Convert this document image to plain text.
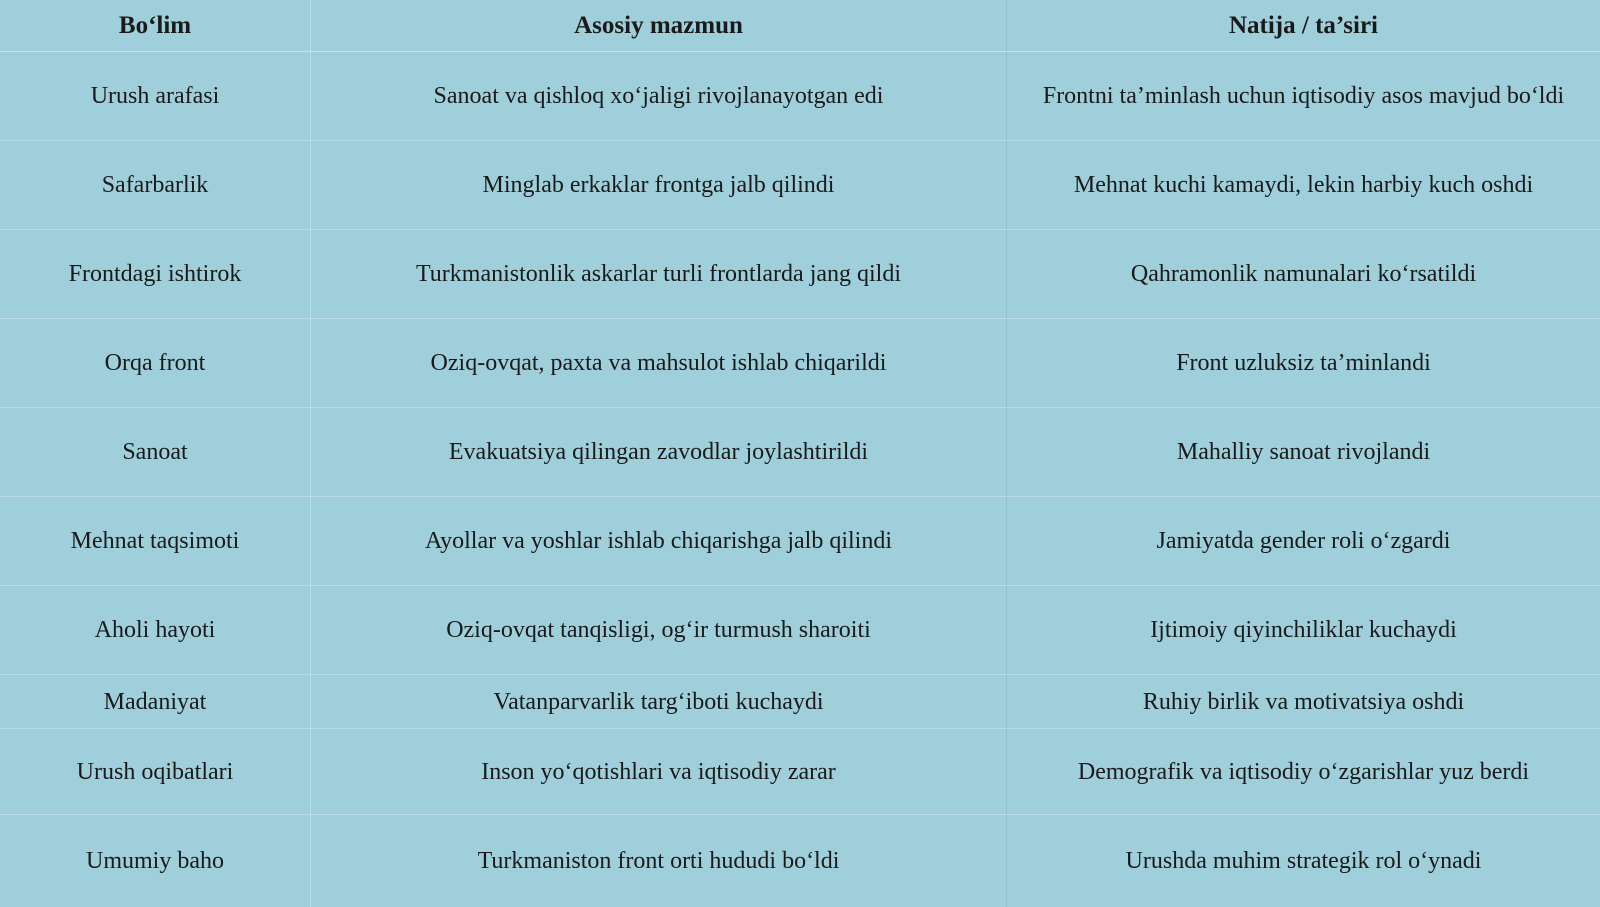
Bo‘lim	Asosiy mazmun	Natija / ta’siri
Urush arafasi	Sanoat va qishloq xo‘jaligi rivojlanayotgan edi	Frontni ta’minlash uchun iqtisodiy asos mavjud bo‘ldi
Safarbarlik	Minglab erkaklar frontga jalb qilindi	Mehnat kuchi kamaydi, lekin harbiy kuch oshdi
Frontdagi ishtirok	Turkmanistonlik askarlar turli frontlarda jang qildi	Qahramonlik namunalari ko‘rsatildi
Orqa front	Oziq-ovqat, paxta va mahsulot ishlab chiqarildi	Front uzluksiz ta’minlandi
Sanoat	Evakuatsiya qilingan zavodlar joylashtirildi	Mahalliy sanoat rivojlandi
Mehnat taqsimoti	Ayollar va yoshlar ishlab chiqarishga jalb qilindi	Jamiyatda gender roli o‘zgardi
Aholi hayoti	Oziq-ovqat tanqisligi, og‘ir turmush sharoiti	Ijtimoiy qiyinchiliklar kuchaydi
Madaniyat	Vatanparvarlik targ‘iboti kuchaydi	Ruhiy birlik va motivatsiya oshdi
Urush oqibatlari	Inson yo‘qotishlari va iqtisodiy zarar	Demografik va iqtisodiy o‘zgarishlar yuz berdi
Umumiy baho	Turkmaniston front orti hududi bo‘ldi	Urushda muhim strategik rol o‘ynadi
